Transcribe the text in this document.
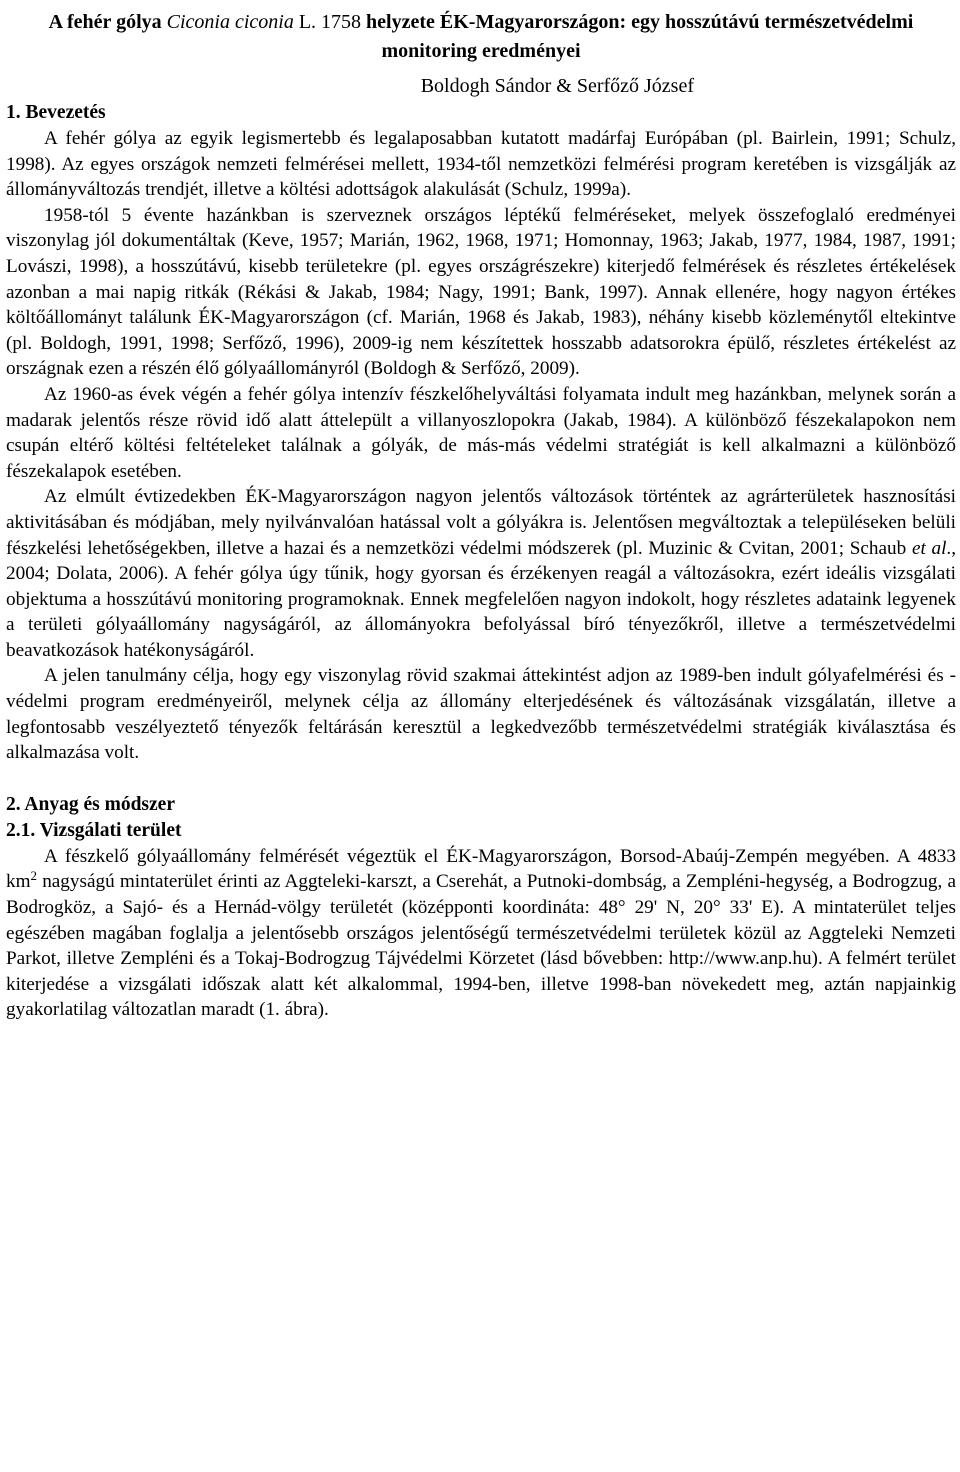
A fehér gólya Ciconia ciconia L. 1758 helyzete ÉK-Magyarországon: egy hosszútávú természetvédelmi monitoring eredményei
Boldogh Sándor & Serfőző József
1. Bevezetés

A fehér gólya az egyik legismertebb és legalaposabban kutatott madárfaj Európában (pl. Bairlein, 1991; Schulz, 1998). Az egyes országok nemzeti felmérései mellett, 1934-től nemzetközi felmérési program keretében is vizsgálják az állományváltozás trendjét, illetve a költési adottságok alakulását (Schulz, 1999a).

1958-tól 5 évente hazánkban is szerveznek országos léptékű felméréseket, melyek összefoglaló eredményei viszonylag jól dokumentáltak (Keve, 1957; Marián, 1962, 1968, 1971; Homonnay, 1963; Jakab, 1977, 1984, 1987, 1991; Lovászi, 1998), a hosszútávú, kisebb területekre (pl. egyes országrészekre) kiterjedő felmérések és részletes értékelések azonban a mai napig ritkák (Rékási & Jakab, 1984; Nagy, 1991; Bank, 1997). Annak ellenére, hogy nagyon értékes költőállományt találunk ÉK-Magyarországon (cf. Marián, 1968 és Jakab, 1983), néhány kisebb közleménytől eltekintve (pl. Boldogh, 1991, 1998; Serfőző, 1996), 2009-ig nem készítettek hosszabb adatsorokra épülő, részletes értékelést az országnak ezen a részén élő gólyaállományról (Boldogh & Serfőző, 2009).

Az 1960-as évek végén a fehér gólya intenzív fészkelőhelyváltási folyamata indult meg hazánkban, melynek során a madarak jelentős része rövid idő alatt áttelepült a villanyoszlopokra (Jakab, 1984). A különböző fészekalapokon nem csupán eltérő költési feltételeket találnak a gólyák, de más-más védelmi stratégiát is kell alkalmazni a különböző fészekalapok esetében.

Az elmúlt évtizedekben ÉK-Magyarországon nagyon jelentős változások történtek az agrárterületek hasznosítási aktivitásában és módjában, mely nyilvánvalóan hatással volt a gólyákra is. Jelentősen megváltoztak a településeken belüli fészkelési lehetőségekben, illetve a hazai és a nemzetközi védelmi módszerek (pl. Muzinic & Cvitan, 2001; Schaub et al., 2004; Dolata, 2006). A fehér gólya úgy tűnik, hogy gyorsan és érzékenyen reagál a változásokra, ezért ideális vizsgálati objektuma a hosszútávú monitoring programoknak. Ennek megfelelően nagyon indokolt, hogy részletes adataink legyenek a területi gólyaállomány nagyságáról, az állományokra befolyással bíró tényezőkről, illetve a természetvédelmi beavatkozások hatékonyságáról.

A jelen tanulmány célja, hogy egy viszonylag rövid szakmai áttekintést adjon az 1989-ben indult gólyafelmérési és -védelmi program eredményeiről, melynek célja az állomány elterjedésének és változásának vizsgálatán, illetve a legfontosabb veszélyeztető tényezők feltárásán keresztül a legkedvezőbb természetvédelmi stratégiák kiválasztása és alkalmazása volt.

2. Anyag és módszer
2.1. Vizsgálati terület

A fészkelő gólyaállomány felmérését végeztük el ÉK-Magyarországon, Borsod-Abaúj-Zempén megyében. A 4833 $km^2$ nagyságú mintaterület érinti az Aggteleki-karszt, a Cserehát, a Putnoki-dombság, a Zempléni-hegység, a Bodrogzug, a Bodrogköz, a Sajó- és a Hernád-völgy területét (középponti koordináta: 48° 29' N, 20° 33' E). A mintaterület teljes egészében magában foglalja a jelentősebb országos jelentőségű természetvédelmi területek közül az Aggteleki Nemzeti Parkot, illetve Zempléni és a Tokaj-Bodrogzug Tájvédelmi Körzetet (lásd bővebben: http://www.anp.hu). A felmért terület kiterjedése a vizsgálati időszak alatt két alkalommal, 1994-ben, illetve 1998-ban növekedett meg, aztán napjainkig gyakorlatilag változatlan maradt (1. ábra).
